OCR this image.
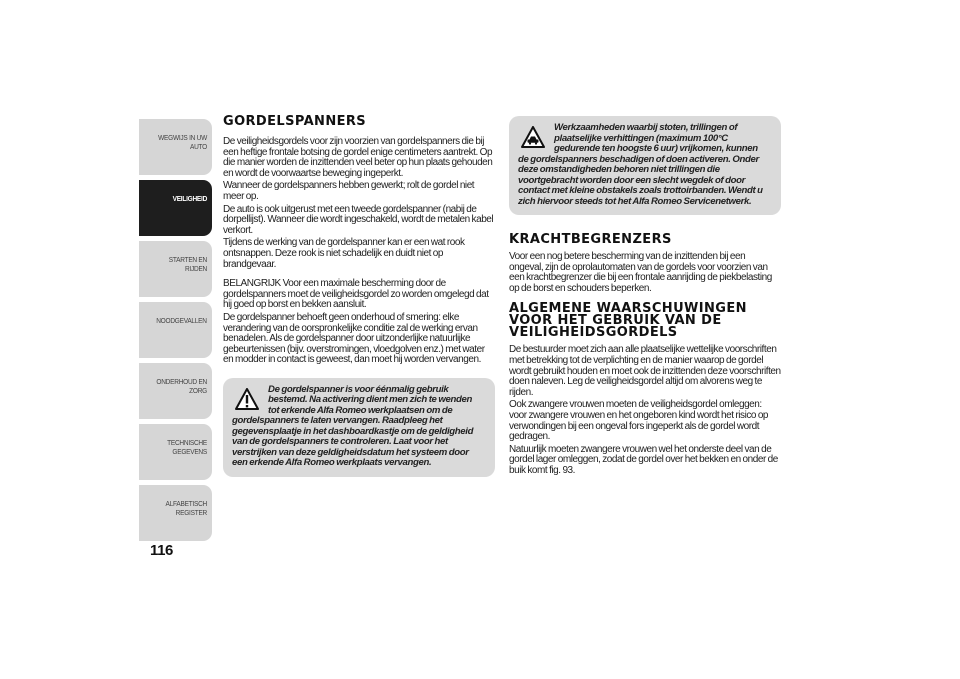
WEGWIJS IN UW AUTO
VEILIGHEID
STARTEN EN RIJDEN
NOODGEVALLEN
ONDERHOUD EN ZORG
TECHNISCHE GEGEVENS
ALFABETISCH REGISTER

116

GORDELSPANNERS

De veiligheidsgordels voor zijn voorzien van gordelspanners die bij een heftige frontale botsing de gordel enige centimeters aantrekt. Op die manier worden de inzittenden veel beter op hun plaats gehouden en wordt de voorwaartse beweging ingeperkt.

Wanneer de gordelspanners hebben gewerkt; rolt de gordel niet meer op.

De auto is ook uitgerust met een tweede gordelspanner (nabij de dorpellijst). Wanneer die wordt ingeschakeld, wordt de metalen kabel verkort.

Tijdens de werking van de gordelspanner kan er een wat rook ontsnappen. Deze rook is niet schadelijk en duidt niet op brandgevaar.

BELANGRIJK Voor een maximale bescherming door de gordelspanners moet de veiligheidsgordel zo worden omgelegd dat hij goed op borst en bekken aansluit.

De gordelspanner behoeft geen onderhoud of smering: elke verandering van de oorspronkelijke conditie zal de werking ervan benadelen. Als de gordelspanner door uitzonderlijke natuurlijke gebeurtenissen (bijv. overstromingen, vloedgolven enz.) met water en modder in contact is geweest, dan moet hij worden vervangen.

De gordelspanner is voor éénmalig gebruik bestemd. Na activering dient men zich te wenden tot erkende Alfa Romeo werkplaatsen om de gordelspanners te laten vervangen. Raadpleeg het gegevensplaatje in het dashboardkastje om de geldigheid van de gordelspanners te controleren. Laat voor het verstrijken van deze geldigheidsdatum het systeem door een erkende Alfa Romeo werkplaats vervangen.

Werkzaamheden waarbij stoten, trillingen of plaatselijke verhittingen (maximum 100°C gedurende ten hoogste 6 uur) vrijkomen, kunnen de gordelspanners beschadigen of doen activeren. Onder deze omstandigheden behoren niet trillingen die voortgebracht worden door een slecht wegdek of door contact met kleine obstakels zoals trottoirbanden. Wendt u zich hiervoor steeds tot het Alfa Romeo Servicenetwerk.

KRACHTBEGRENZERS

Voor een nog betere bescherming van de inzittenden bij een ongeval, zijn de oprolautomaten van de gordels voor voorzien van een krachtbegrenzer die bij een frontale aanrijding de piekbelasting op de borst en schouders beperken.

ALGEMENE WAARSCHUWINGEN VOOR HET GEBRUIK VAN DE VEILIGHEIDSGORDELS

De bestuurder moet zich aan alle plaatselijke wettelijke voorschriften met betrekking tot de verplichting en de manier waarop de gordel wordt gebruikt houden en moet ook de inzittenden deze voorschriften doen naleven. Leg de veiligheidsgordel altijd om alvorens weg te rijden.

Ook zwangere vrouwen moeten de veiligheidsgordel omleggen: voor zwangere vrouwen en het ongeboren kind wordt het risico op verwondingen bij een ongeval fors ingeperkt als de gordel wordt gedragen.

Natuurlijk moeten zwangere vrouwen wel het onderste deel van de gordel lager omleggen, zodat de gordel over het bekken en onder de buik komt fig. 93.
